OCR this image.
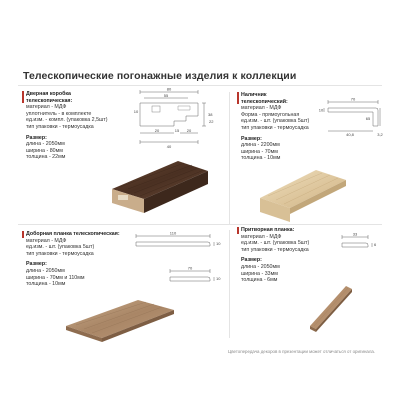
Телескопические погонажные изделия к коллекции
Дверная коробка
телескопическая:
материал - МДФ
уплотнитель - в комплекте
ед.изм. - компл. (упаковка 2,5шт)
тип упаковки - термоусадка
Размер:
длина - 2050мм
ширина - 80мм
толщина - 22мм
80
55
10
38
20	15 20
22
40
Наличник
телескопический:
материал - МДФ
Форма - прямоугольная
ед.изм. - шт. (упаковка 5шт)
тип упаковки - термоусадка
Размер:
длина - 2200мм
ширина - 70мм
толщина - 10мм
10
70
65
40,8	3,2
Доборная планка телескопическая:
материал - МДФ
ед.изм. - шт. (упаковка 5шт)
тип упаковки - термоусадка
Размер:
длина - 2050мм
ширина - 70мм и 110мм
толщина - 10мм
110
10
70
10
Притворная планка:
материал - МДФ
ед.изм. - шт. (упаковка 5шт)
тип упаковки - термоусадка
Размер:
длина - 2050мм
ширина - 33мм
толщина - 6мм
33
6
Цветопередача декоров в презентации может отличаться от оригинала.
